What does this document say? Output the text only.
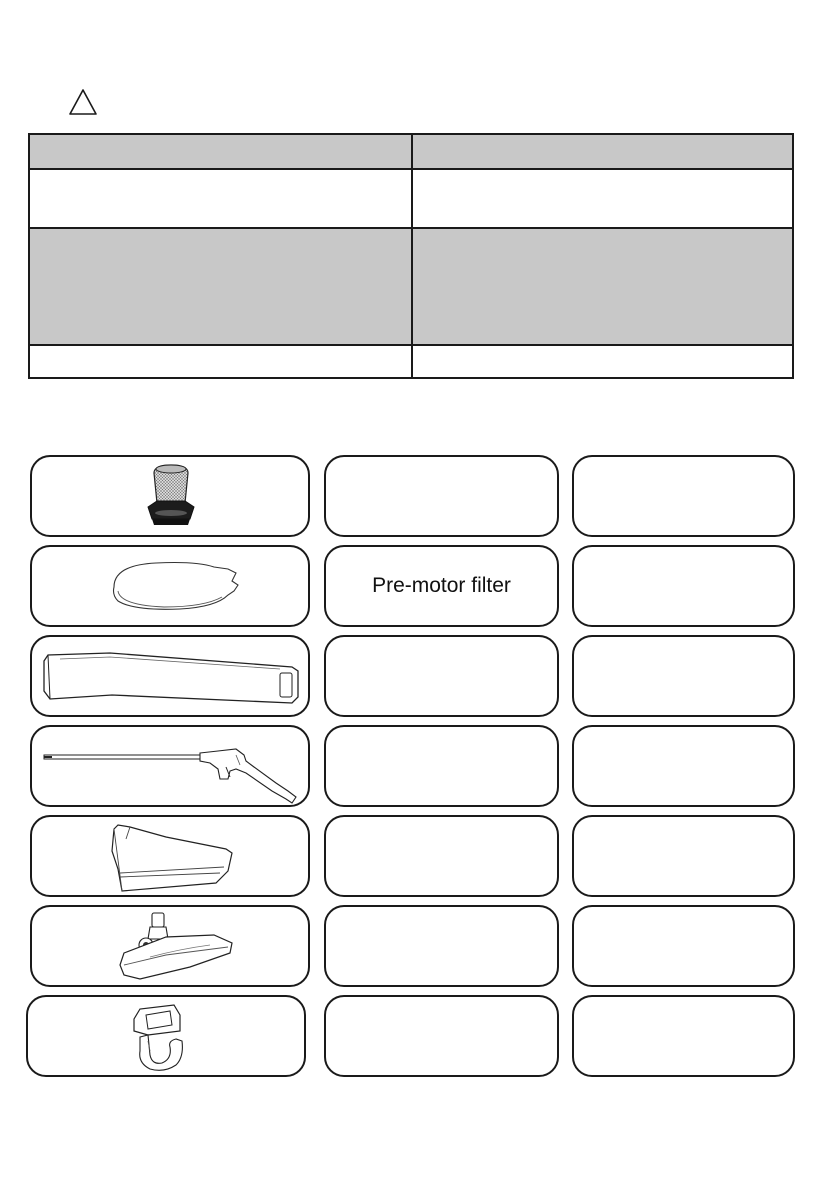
Pre-motor filter
